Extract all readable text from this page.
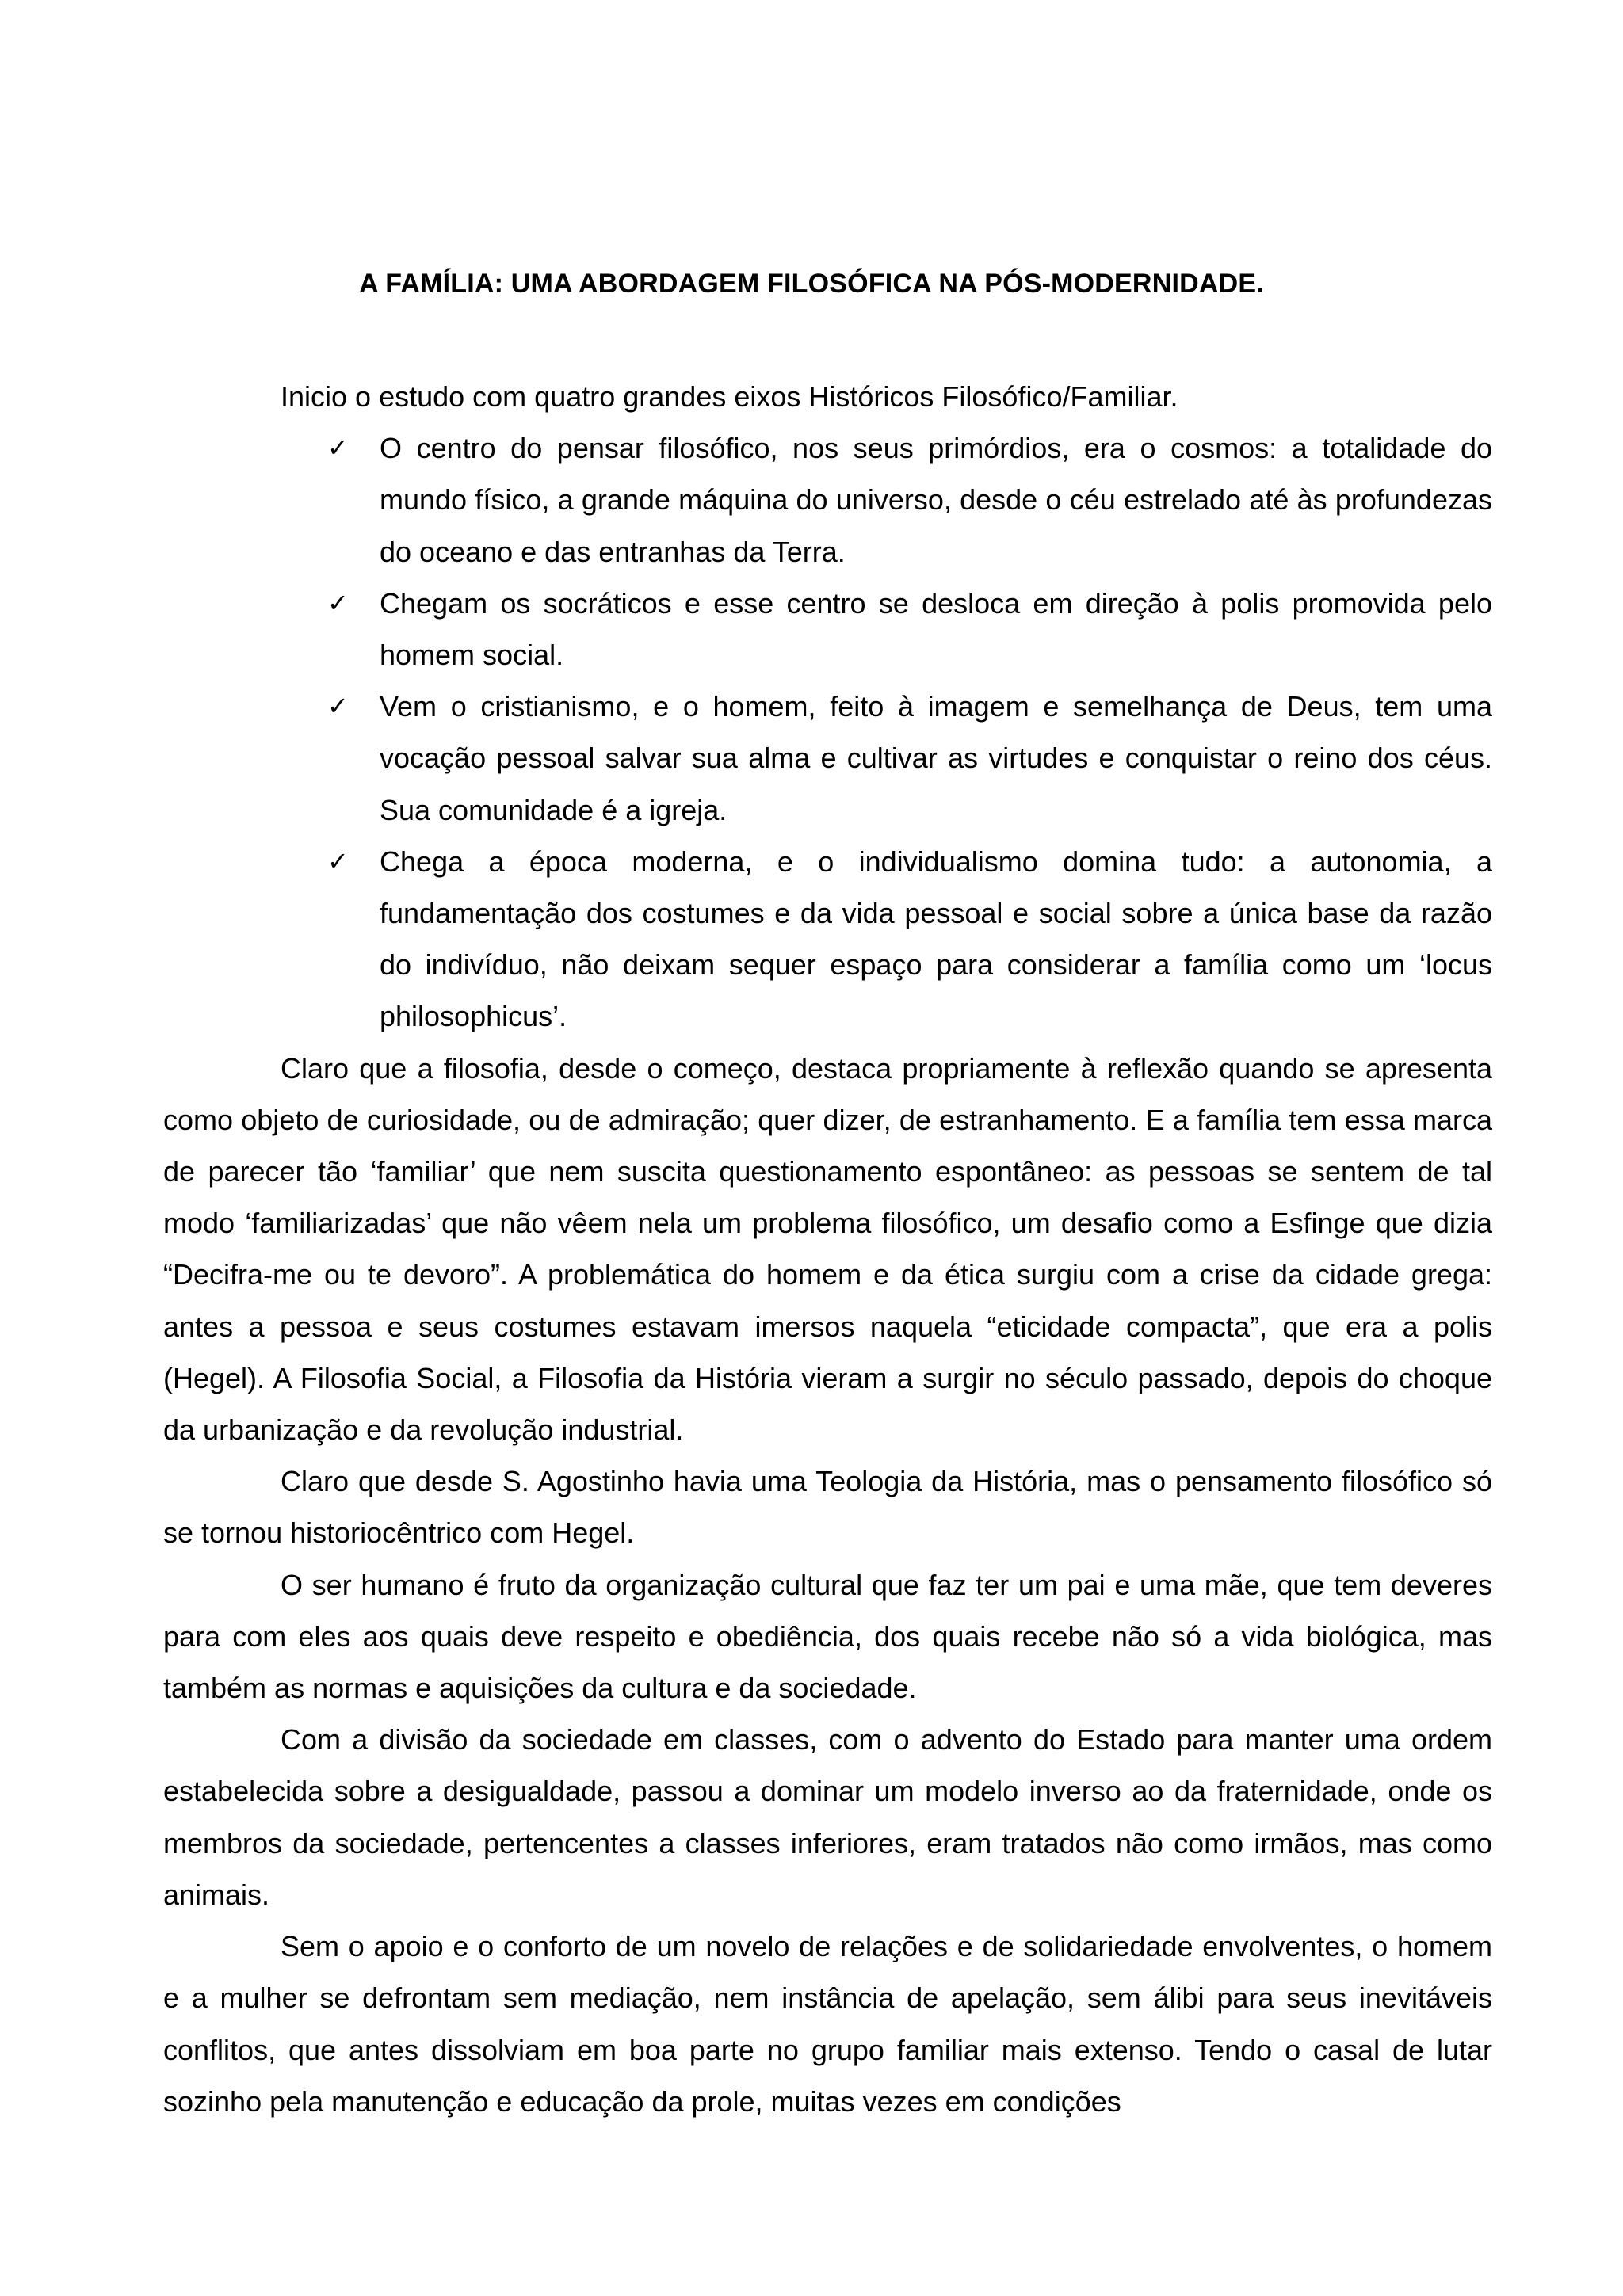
A FAMÍLIA: UMA ABORDAGEM FILOSÓFICA NA PÓS-MODERNIDADE.

Inicio o estudo com quatro grandes eixos Históricos Filosófico/Familiar.

✓	O centro do pensar filosófico, nos seus primórdios, era o cosmos: a totalidade do mundo físico, a grande máquina do universo, desde o céu estrelado até às profundezas do oceano e das entranhas da Terra.
✓	Chegam os socráticos e esse centro se desloca em direção à polis promovida pelo homem social.
✓	Vem o cristianismo, e o homem, feito à imagem e semelhança de Deus, tem uma vocação pessoal salvar sua alma e cultivar as virtudes e conquistar o reino dos céus. Sua comunidade é a igreja.
✓	Chega a época moderna, e o individualismo domina tudo: a autonomia, a fundamentação dos costumes e da vida pessoal e social sobre a única base da razão do indivíduo, não deixam sequer espaço para considerar a família como um ‘locus philosophicus’.

Claro que a filosofia, desde o começo, destaca propriamente à reflexão quando se apresenta como objeto de curiosidade, ou de admiração; quer dizer, de estranhamento. E a família tem essa marca de parecer tão ‘familiar’ que nem suscita questionamento espontâneo: as pessoas se sentem de tal modo ‘familiarizadas’ que não vêem nela um problema filosófico, um desafio como a Esfinge que dizia “Decifra-me ou te devoro”. A problemática do homem e da ética surgiu com a crise da cidade grega: antes a pessoa e seus costumes estavam imersos naquela “eticidade compacta”, que era a polis (Hegel). A Filosofia Social, a Filosofia da História vieram a surgir no século passado, depois do choque da urbanização e da revolução industrial.

Claro que desde S. Agostinho havia uma Teologia da História, mas o pensamento filosófico só se tornou historiocêntrico com Hegel.

O ser humano é fruto da organização cultural que faz ter um pai e uma mãe, que tem deveres para com eles aos quais deve respeito e obediência, dos quais recebe não só a vida biológica, mas também as normas e aquisições da cultura e da sociedade.

Com a divisão da sociedade em classes, com o advento do Estado para manter uma ordem estabelecida sobre a desigualdade, passou a dominar um modelo inverso ao da fraternidade, onde os membros da sociedade, pertencentes a classes inferiores, eram tratados não como irmãos, mas como animais.

Sem o apoio e o conforto de um novelo de relações e de solidariedade envolventes, o homem e a mulher se defrontam sem mediação, nem instância de apelação, sem álibi para seus inevitáveis conflitos, que antes dissolviam em boa parte no grupo familiar mais extenso. Tendo o casal de lutar sozinho pela manutenção e educação da prole, muitas vezes em condições
